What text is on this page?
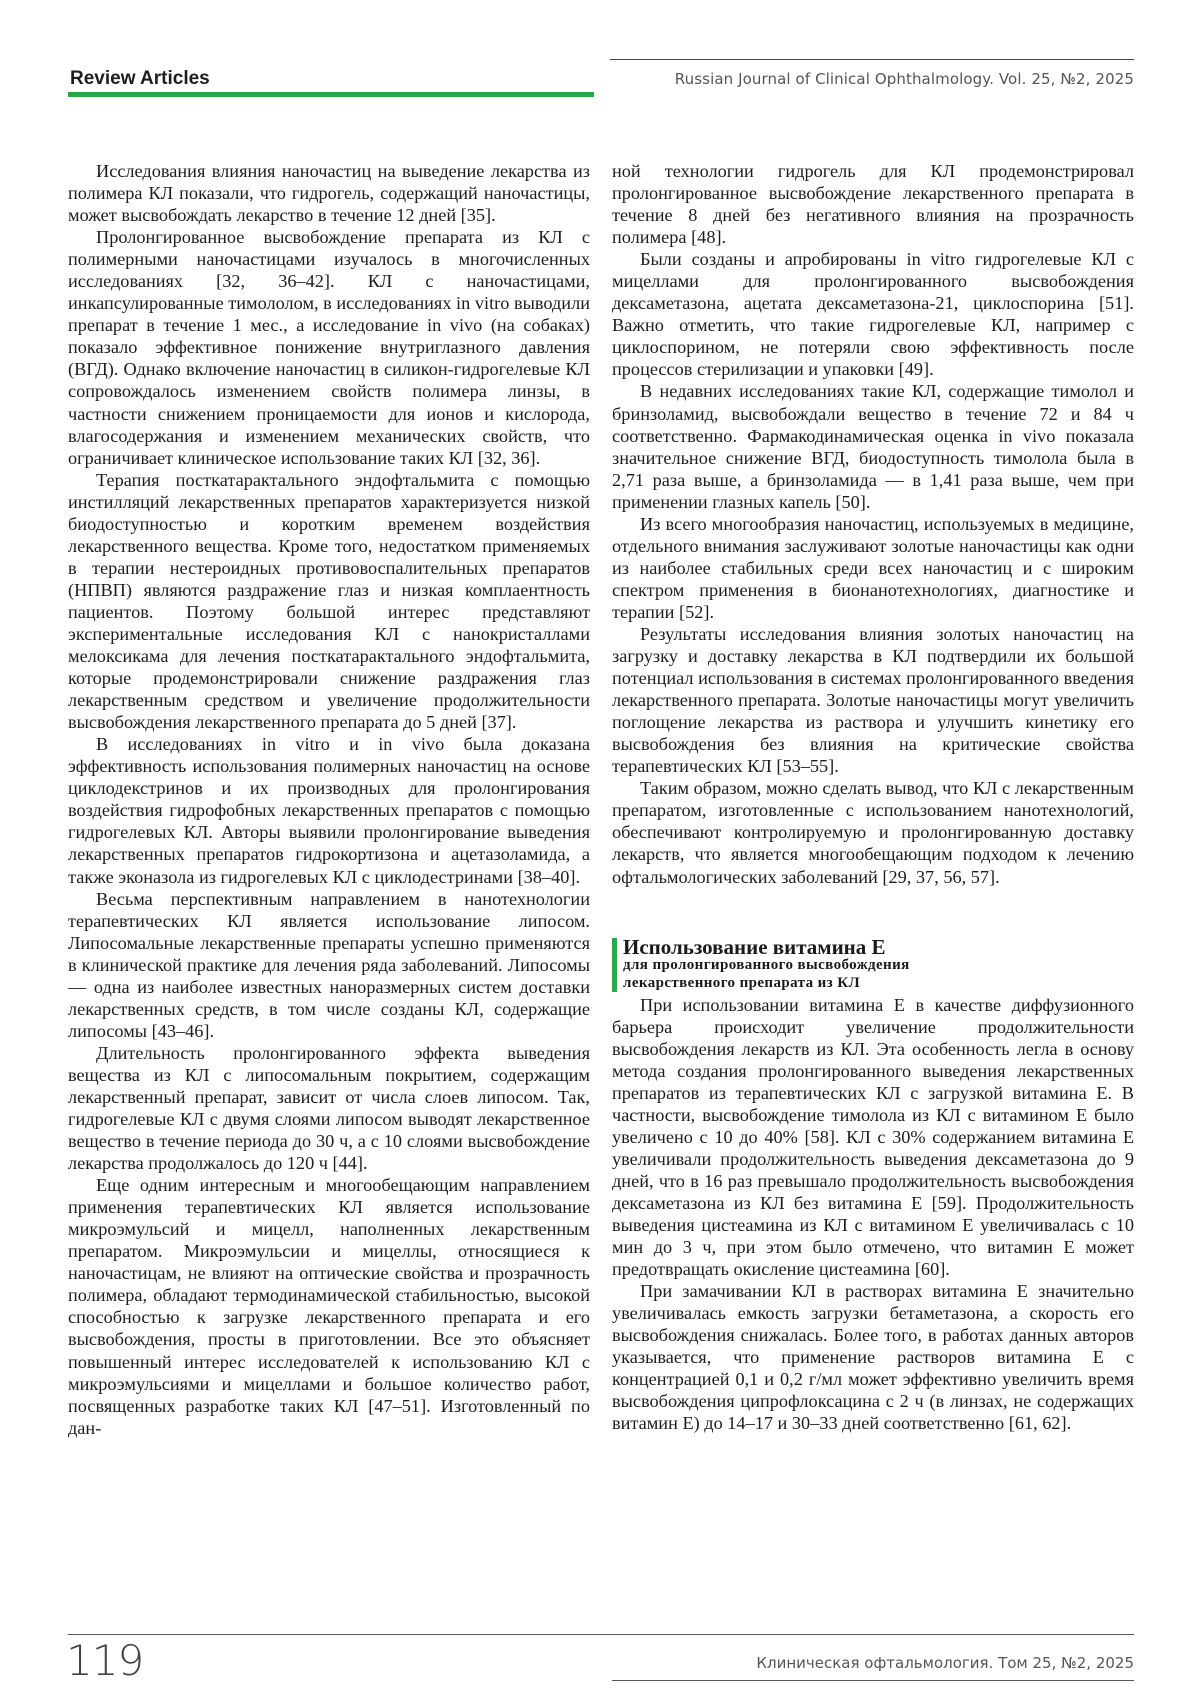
Review Articles	Russian Journal of Clinical Ophthalmology. Vol. 25, №2, 2025

Исследования влияния наночастиц на выведение лекарства из полимера КЛ показали, что гидрогель, содержащий наночастицы, может высвобождать лекарство в течение 12 дней [35].

Пролонгированное высвобождение препарата из КЛ с полимерными наночастицами изучалось в многочисленных исследованиях [32, 36–42]. КЛ с наночастицами, инкапсулированные тимололом, в исследованиях in vitro выводили препарат в течение 1 мес., а исследование in vivo (на собаках) показало эффективное понижение внутриглазного давления (ВГД). Однако включение наночастиц в силикон-гидрогелевые КЛ сопровождалось изменением свойств полимера линзы, в частности снижением проницаемости для ионов и кислорода, влагосодержания и изменением механических свойств, что ограничивает клиническое использование таких КЛ [32, 36].

Терапия посткатарактального эндофтальмита с помощью инстилляций лекарственных препаратов характеризуется низкой биодоступностью и коротким временем воздействия лекарственного вещества. Кроме того, недостатком применяемых в терапии нестероидных противовоспалительных препаратов (НПВП) являются раздражение глаз и низкая комплаентность пациентов. Поэтому большой интерес представляют экспериментальные исследования КЛ с нанокристаллами мелоксикама для лечения посткатарактального эндофтальмита, которые продемонстрировали снижение раздражения глаз лекарственным средством и увеличение продолжительности высвобождения лекарственного препарата до 5 дней [37].

В исследованиях in vitro и in vivo была доказана эффективность использования полимерных наночастиц на основе циклодекстринов и их производных для пролонгирования воздействия гидрофобных лекарственных препаратов с помощью гидрогелевых КЛ. Авторы выявили пролонгирование выведения лекарственных препаратов гидрокортизона и ацетазоламида, а также эконазола из гидрогелевых КЛ с циклодестринами [38–40].

Весьма перспективным направлением в нанотехнологии терапевтических КЛ является использование липосом. Липосомальные лекарственные препараты успешно применяются в клинической практике для лечения ряда заболеваний. Липосомы — одна из наиболее известных наноразмерных систем доставки лекарственных средств, в том числе созданы КЛ, содержащие липосомы [43–46].

Длительность пролонгированного эффекта выведения вещества из КЛ с липосомальным покрытием, содержащим лекарственный препарат, зависит от числа слоев липосом. Так, гидрогелевые КЛ с двумя слоями липосом выводят лекарственное вещество в течение периода до 30 ч, а с 10 слоями высвобождение лекарства продолжалось до 120 ч [44].

Еще одним интересным и многообещающим направлением применения терапевтических КЛ является использование микроэмульсий и мицелл, наполненных лекарственным препаратом. Микроэмульсии и мицеллы, относящиеся к наночастицам, не влияют на оптические свойства и прозрачность полимера, обладают термодинамической стабильностью, высокой способностью к загрузке лекарственного препарата и его высвобождения, просты в приготовлении. Все это объясняет повышенный интерес исследователей к использованию КЛ с микроэмульсиями и мицеллами и большое количество работ, посвященных разработке таких КЛ [47–51]. Изготовленный по дан-

ной технологии гидрогель для КЛ продемонстрировал пролонгированное высвобождение лекарственного препарата в течение 8 дней без негативного влияния на прозрачность полимера [48].

Были созданы и апробированы in vitro гидрогелевые КЛ с мицеллами для пролонгированного высвобождения дексаметазона, ацетата дексаметазона-21, циклоспорина [51]. Важно отметить, что такие гидрогелевые КЛ, например с циклоспорином, не потеряли свою эффективность после процессов стерилизации и упаковки [49].

В недавних исследованиях такие КЛ, содержащие тимолол и бринзоламид, высвобождали вещество в течение 72 и 84 ч соответственно. Фармакодинамическая оценка in vivo показала значительное снижение ВГД, биодоступность тимолола была в 2,71 раза выше, а бринзоламида — в 1,41 раза выше, чем при применении глазных капель [50].

Из всего многообразия наночастиц, используемых в медицине, отдельного внимания заслуживают золотые наночастицы как одни из наиболее стабильных среди всех наночастиц и с широким спектром применения в бионанотехнологиях, диагностике и терапии [52].

Результаты исследования влияния золотых наночастиц на загрузку и доставку лекарства в КЛ подтвердили их большой потенциал использования в системах пролонгированного введения лекарственного препарата. Золотые наночастицы могут увеличить поглощение лекарства из раствора и улучшить кинетику его высвобождения без влияния на критические свойства терапевтических КЛ [53–55].

Таким образом, можно сделать вывод, что КЛ с лекарственным препаратом, изготовленные с использованием нанотехнологий, обеспечивают контролируемую и пролонгированную доставку лекарств, что является многообещающим подходом к лечению офтальмологических заболеваний [29, 37, 56, 57].

Использование витамина Е
для пролонгированного высвобождения
лекарственного препарата из КЛ

При использовании витамина Е в качестве диффузионного барьера происходит увеличение продолжительности высвобождения лекарств из КЛ. Эта особенность легла в основу метода создания пролонгированного выведения лекарственных препаратов из терапевтических КЛ с загрузкой витамина Е. В частности, высвобождение тимолола из КЛ с витамином Е было увеличено с 10 до 40% [58]. КЛ с 30% содержанием витамина Е увеличивали продолжительность выведения дексаметазона до 9 дней, что в 16 раз превышало продолжительность высвобождения дексаметазона из КЛ без витамина Е [59]. Продолжительность выведения цистеамина из КЛ с витамином Е увеличивалась с 10 мин до 3 ч, при этом было отмечено, что витамин Е может предотвращать окисление цистеамина [60].

При замачивании КЛ в растворах витамина Е значительно увеличивалась емкость загрузки бетаметазона, а скорость его высвобождения снижалась. Более того, в работах данных авторов указывается, что применение растворов витамина Е с концентрацией 0,1 и 0,2 г/мл может эффективно увеличить время высвобождения ципрофлоксацина с 2 ч (в линзах, не содержащих витамин Е) до 14–17 и 30–33 дней соответственно [61, 62].

119	Клиническая офтальмология. Том 25, №2, 2025
